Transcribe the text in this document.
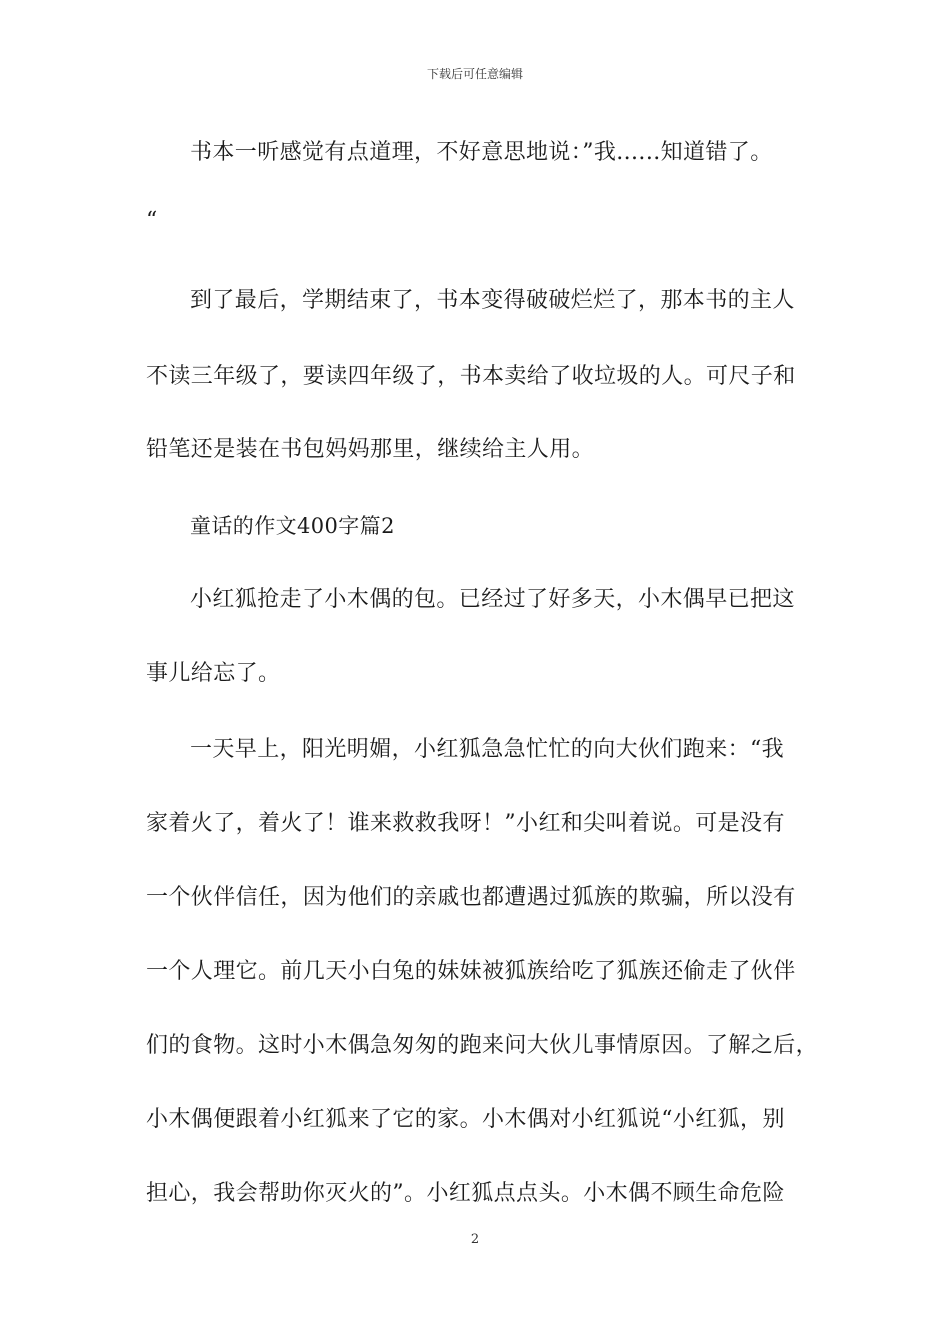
下载后可任意编辑
书本一听感觉有点道理，不好意思地说：”我......知道错了。
“
到了最后，学期结束了，书本变得破破烂烂了，那本书的主人
不读三年级了，要读四年级了，书本卖给了收垃圾的人。可尺子和
铅笔还是装在书包妈妈那里，继续给主人用。
童话的作文400字篇2
小红狐抢走了小木偶的包。已经过了好多天，小木偶早已把这
事儿给忘了。
一天早上，阳光明媚，小红狐急急忙忙的向大伙们跑来：“我
家着火了，着火了！谁来救救我呀！”小红和尖叫着说。可是没有
一个伙伴信任，因为他们的亲戚也都遭遇过狐族的欺骗，所以没有
一个人理它。前几天小白兔的妹妹被狐族给吃了狐族还偷走了伙伴
们的食物。这时小木偶急匆匆的跑来问大伙儿事情原因。了解之后，
小木偶便跟着小红狐来了它的家。小木偶对小红狐说“小红狐，别
担心，我会帮助你灭火的”。小红狐点点头。小木偶不顾生命危险
2
